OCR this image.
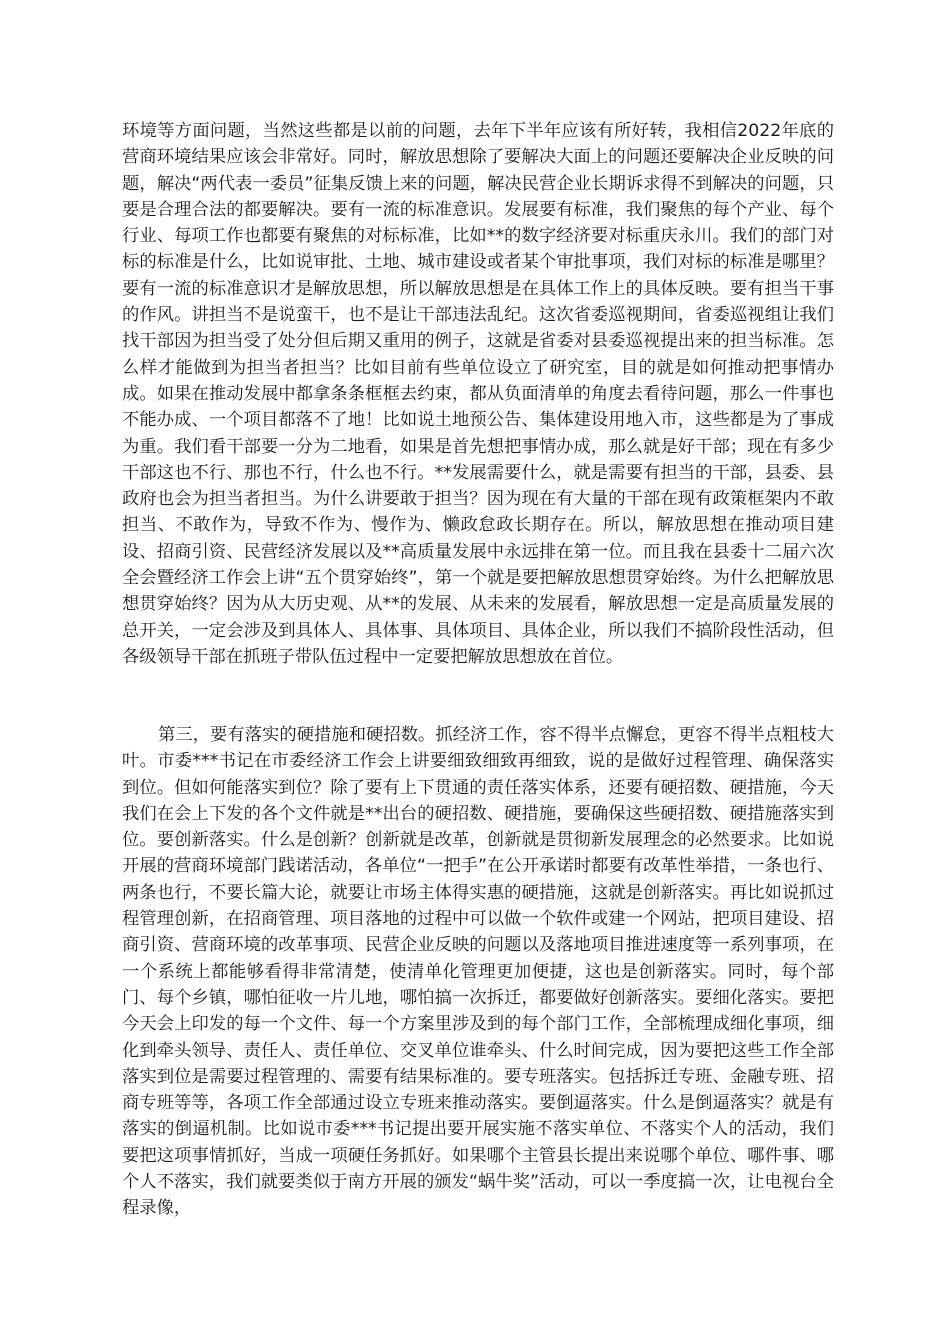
环境等方面问题，当然这些都是以前的问题，去年下半年应该有所好转，我相信2022年底的营商环境结果应该会非常好。同时，解放思想除了要解决大面上的问题还要解决企业反映的问题，解决“两代表一委员”征集反馈上来的问题，解决民营企业长期诉求得不到解决的问题，只要是合理合法的都要解决。要有一流的标准意识。发展要有标准，我们聚焦的每个产业、每个行业、每项工作也都要有聚焦的对标标准，比如**的数字经济要对标重庆永川。我们的部门对标的标准是什么，比如说审批、土地、城市建设或者某个审批事项，我们对标的标准是哪里？要有一流的标准意识才是解放思想，所以解放思想是在具体工作上的具体反映。要有担当干事的作风。讲担当不是说蛮干，也不是让干部违法乱纪。这次省委巡视期间，省委巡视组让我们找干部因为担当受了处分但后期又重用的例子，这就是省委对县委巡视提出来的担当标准。怎么样才能做到为担当者担当？比如目前有些单位设立了研究室，目的就是如何推动把事情办成。如果在推动发展中都拿条条框框去约束，都从负面清单的角度去看待问题，那么一件事也不能办成、一个项目都落不了地！比如说土地预公告、集体建设用地入市，这些都是为了事成为重。我们看干部要一分为二地看，如果是首先想把事情办成，那么就是好干部；现在有多少干部这也不行、那也不行，什么也不行。**发展需要什么，就是需要有担当的干部，县委、县政府也会为担当者担当。为什么讲要敢于担当？因为现在有大量的干部在现有政策框架内不敢担当、不敢作为，导致不作为、慢作为、懒政怠政长期存在。所以，解放思想在推动项目建设、招商引资、民营经济发展以及**高质量发展中永远排在第一位。而且我在县委十二届六次全会暨经济工作会上讲“五个贯穿始终”，第一个就是要把解放思想贯穿始终。为什么把解放思想贯穿始终？因为从大历史观、从**的发展、从未来的发展看，解放思想一定是高质量发展的总开关，一定会涉及到具体人、具体事、具体项目、具体企业，所以我们不搞阶段性活动，但各级领导干部在抓班子带队伍过程中一定要把解放思想放在首位。
第三，要有落实的硬措施和硬招数。抓经济工作，容不得半点懈怠，更容不得半点粗枝大叶。市委***书记在市委经济工作会上讲要细致细致再细致，说的是做好过程管理、确保落实到位。但如何能落实到位？除了要有上下贯通的责任落实体系，还要有硬招数、硬措施，今天我们在会上下发的各个文件就是**出台的硬招数、硬措施，要确保这些硬招数、硬措施落实到位。要创新落实。什么是创新？创新就是改革，创新就是贯彻新发展理念的必然要求。比如说开展的营商环境部门践诺活动，各单位“一把手”在公开承诺时都要有改革性举措，一条也行、两条也行，不要长篇大论，就要让市场主体得实惠的硬措施，这就是创新落实。再比如说抓过程管理创新，在招商管理、项目落地的过程中可以做一个软件或建一个网站，把项目建设、招商引资、营商环境的改革事项、民营企业反映的问题以及落地项目推进速度等一系列事项，在一个系统上都能够看得非常清楚，使清单化管理更加便捷，这也是创新落实。同时，每个部门、每个乡镇，哪怕征收一片儿地，哪怕搞一次拆迁，都要做好创新落实。要细化落实。要把今天会上印发的每一个文件、每一个方案里涉及到的每个部门工作，全部梳理成细化事项，细化到牵头领导、责任人、责任单位、交叉单位谁牵头、什么时间完成，因为要把这些工作全部落实到位是需要过程管理的、需要有结果标准的。要专班落实。包括拆迁专班、金融专班、招商专班等等，各项工作全部通过设立专班来推动落实。要倒逼落实。什么是倒逼落实？就是有落实的倒逼机制。比如说市委***书记提出要开展实施不落实单位、不落实个人的活动，我们要把这项事情抓好，当成一项硬任务抓好。如果哪个主管县长提出来说哪个单位、哪件事、哪个人不落实，我们就要类似于南方开展的颁发“蜗牛奖”活动，可以一季度搞一次，让电视台全程录像，
